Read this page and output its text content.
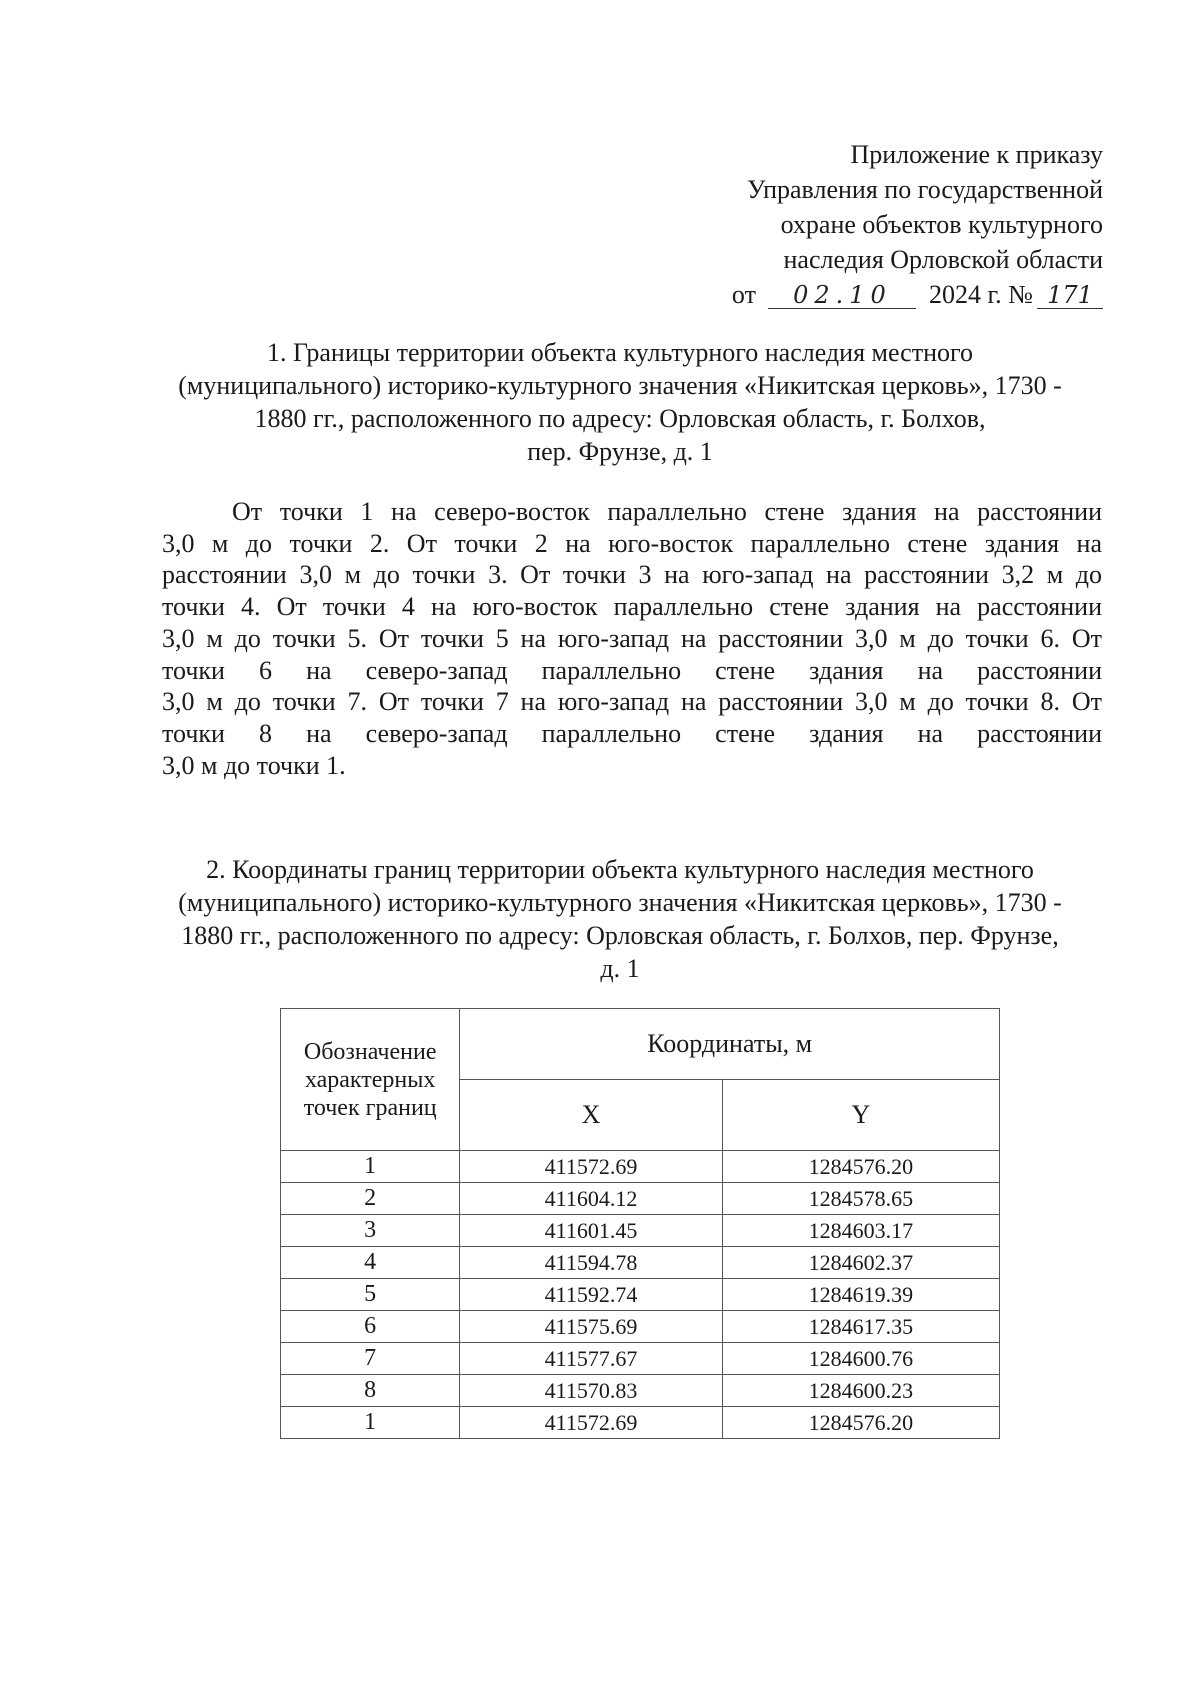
Приложение к приказу
Управления по государственной
охране объектов культурного
наследия Орловской области
от 02.10 2024 г. № 171
1. Границы территории объекта культурного наследия местного
(муниципального) историко-культурного значения «Никитская церковь», 1730 -
1880 гг., расположенного по адресу: Орловская область, г. Болхов,
пер. Фрунзе, д. 1
От точки 1 на северо-восток параллельно стене здания на расстоянии
3,0 м до точки 2. От точки 2 на юго-восток параллельно стене здания на
расстоянии 3,0 м до точки 3. От точки 3 на юго-запад на расстоянии 3,2 м до
точки 4. От точки 4 на юго-восток параллельно стене здания на расстоянии
3,0 м до точки 5. От точки 5 на юго-запад на расстоянии 3,0 м до точки 6. От
точки 6 на северо-запад параллельно стене здания на расстоянии
3,0 м до точки 7. От точки 7 на юго-запад на расстоянии 3,0 м до точки 8. От
точки 8 на северо-запад параллельно стене здания на расстоянии
3,0 м до точки 1.
2. Координаты границ территории объекта культурного наследия местного
(муниципального) историко-культурного значения «Никитская церковь», 1730 -
1880 гг., расположенного по адресу: Орловская область, г. Болхов, пер. Фрунзе,
д. 1
Обозначение характерных точек границ	Координаты, м	
	X	Y
1	411572.69	1284576.20
2	411604.12	1284578.65
3	411601.45	1284603.17
4	411594.78	1284602.37
5	411592.74	1284619.39
6	411575.69	1284617.35
7	411577.67	1284600.76
8	411570.83	1284600.23
1	411572.69	1284576.20
